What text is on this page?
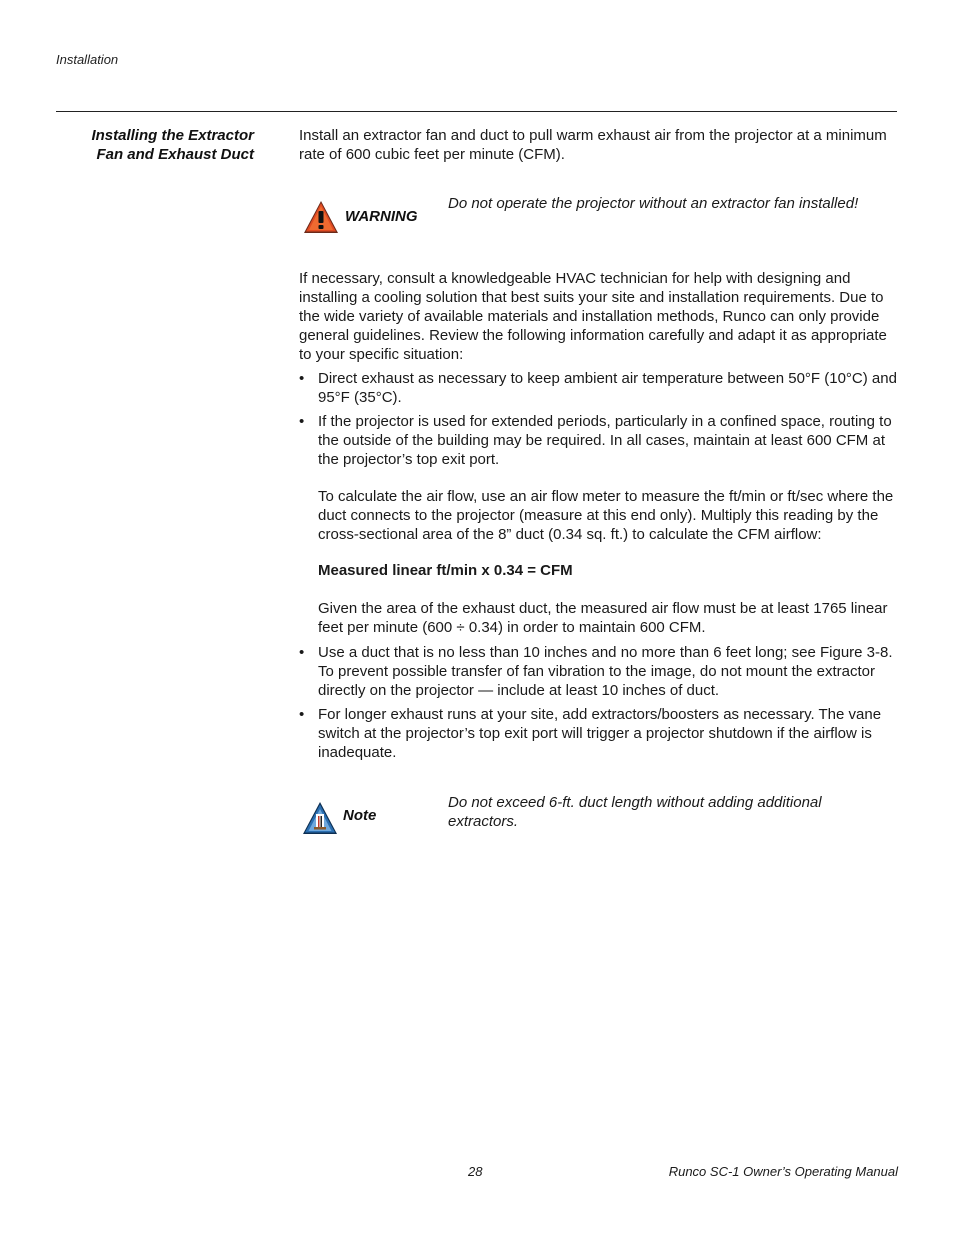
Installation
Installing the Extractor
Fan and Exhaust Duct
Install an extractor fan and duct to pull warm exhaust air from the projector at a minimum rate of 600 cubic feet per minute (CFM).
WARNING
Do not operate the projector without an extractor fan installed!
If necessary, consult a knowledgeable HVAC technician for help with designing and installing a cooling solution that best suits your site and installation requirements. Due to the wide variety of available materials and installation methods, Runco can only provide general guidelines. Review the following information carefully and adapt it as appropriate to your specific situation:
• Direct exhaust as necessary to keep ambient air temperature between 50°F (10°C) and 95°F (35°C).
• If the projector is used for extended periods, particularly in a confined space, routing to the outside of the building may be required. In all cases, maintain at least 600 CFM at the projector’s top exit port.
• Use a duct that is no less than 10 inches and no more than 6 feet long; see Figure 3-8. To prevent possible transfer of fan vibration to the image, do not mount the extractor directly on the projector — include at least 10 inches of duct.
• For longer exhaust runs at your site, add extractors/boosters as necessary. The vane switch at the projector’s top exit port will trigger a projector shutdown if the airflow is inadequate.
To calculate the air flow, use an air flow meter to measure the ft/min or ft/sec where the duct connects to the projector (measure at this end only). Multiply this reading by the cross-sectional area of the 8” duct (0.34 sq. ft.) to calculate the CFM airflow:
Measured linear ft/min x 0.34 = CFM
Given the area of the exhaust duct, the measured air flow must be at least 1765 linear feet per minute (600 ÷ 0.34) in order to maintain 600 CFM.
Note
Do not exceed 6-ft. duct length without adding additional extractors.
28	Runco SC-1 Owner’s Operating Manual
